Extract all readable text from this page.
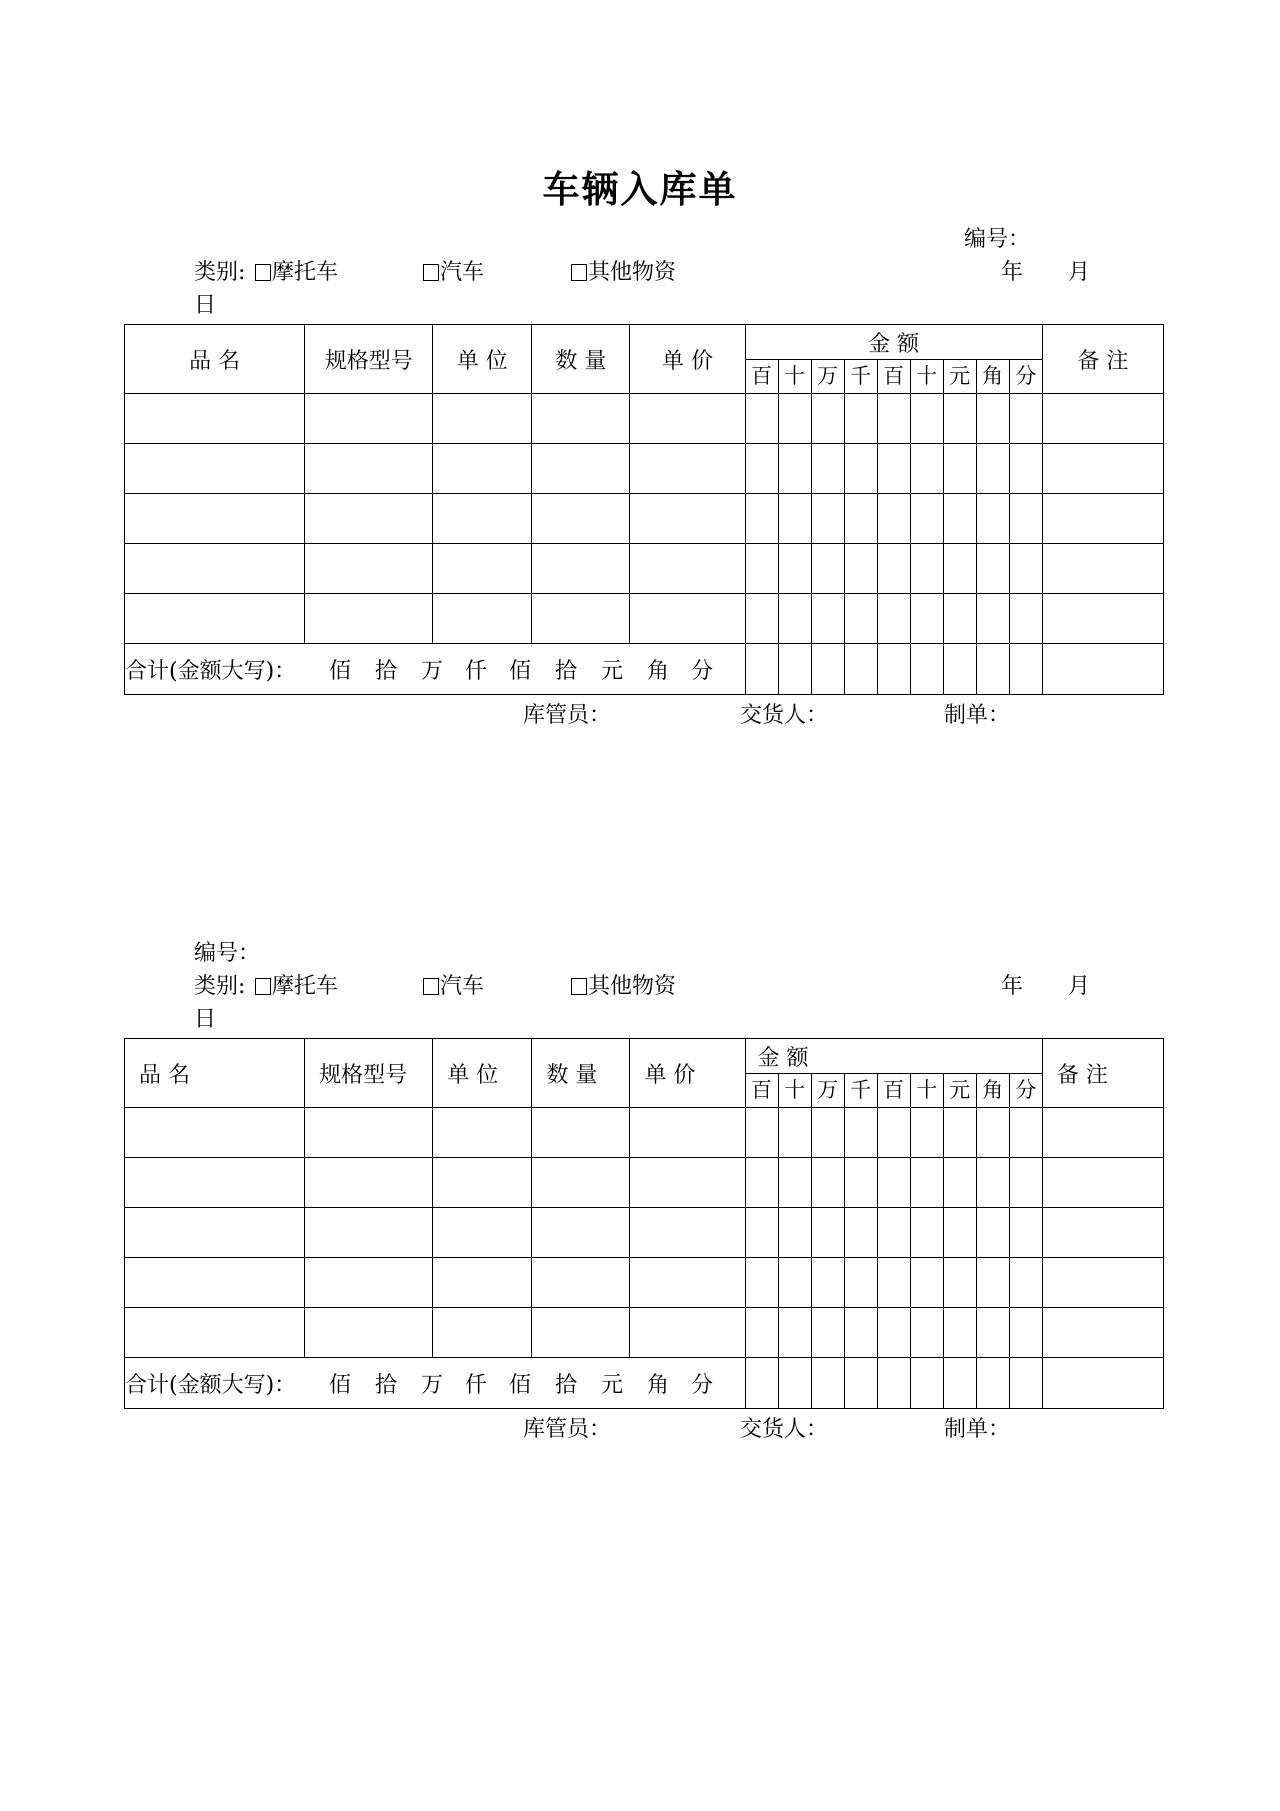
车辆入库单
编号：
类别:	摩托车	汽车	其他物资	年 月
日
品 名	规格型号	单 位	数 量	单 价	金 额									备 注
					百	十	万	千	百	十	元	角	分	

合计(金额大写)： 佰 拾 万 仟 佰 拾 元 角 分														
库管员：	交货人：	制单：
编号：
类别:	摩托车	汽车	其他物资	年 月
日
品 名	规格型号	单 位	数 量	单 价	金 额									备 注
					百	十	万	千	百	十	元	角	分	

合计(金额大写)： 佰 拾 万 仟 佰 拾 元 角 分														
库管员：	交货人：	制单：
